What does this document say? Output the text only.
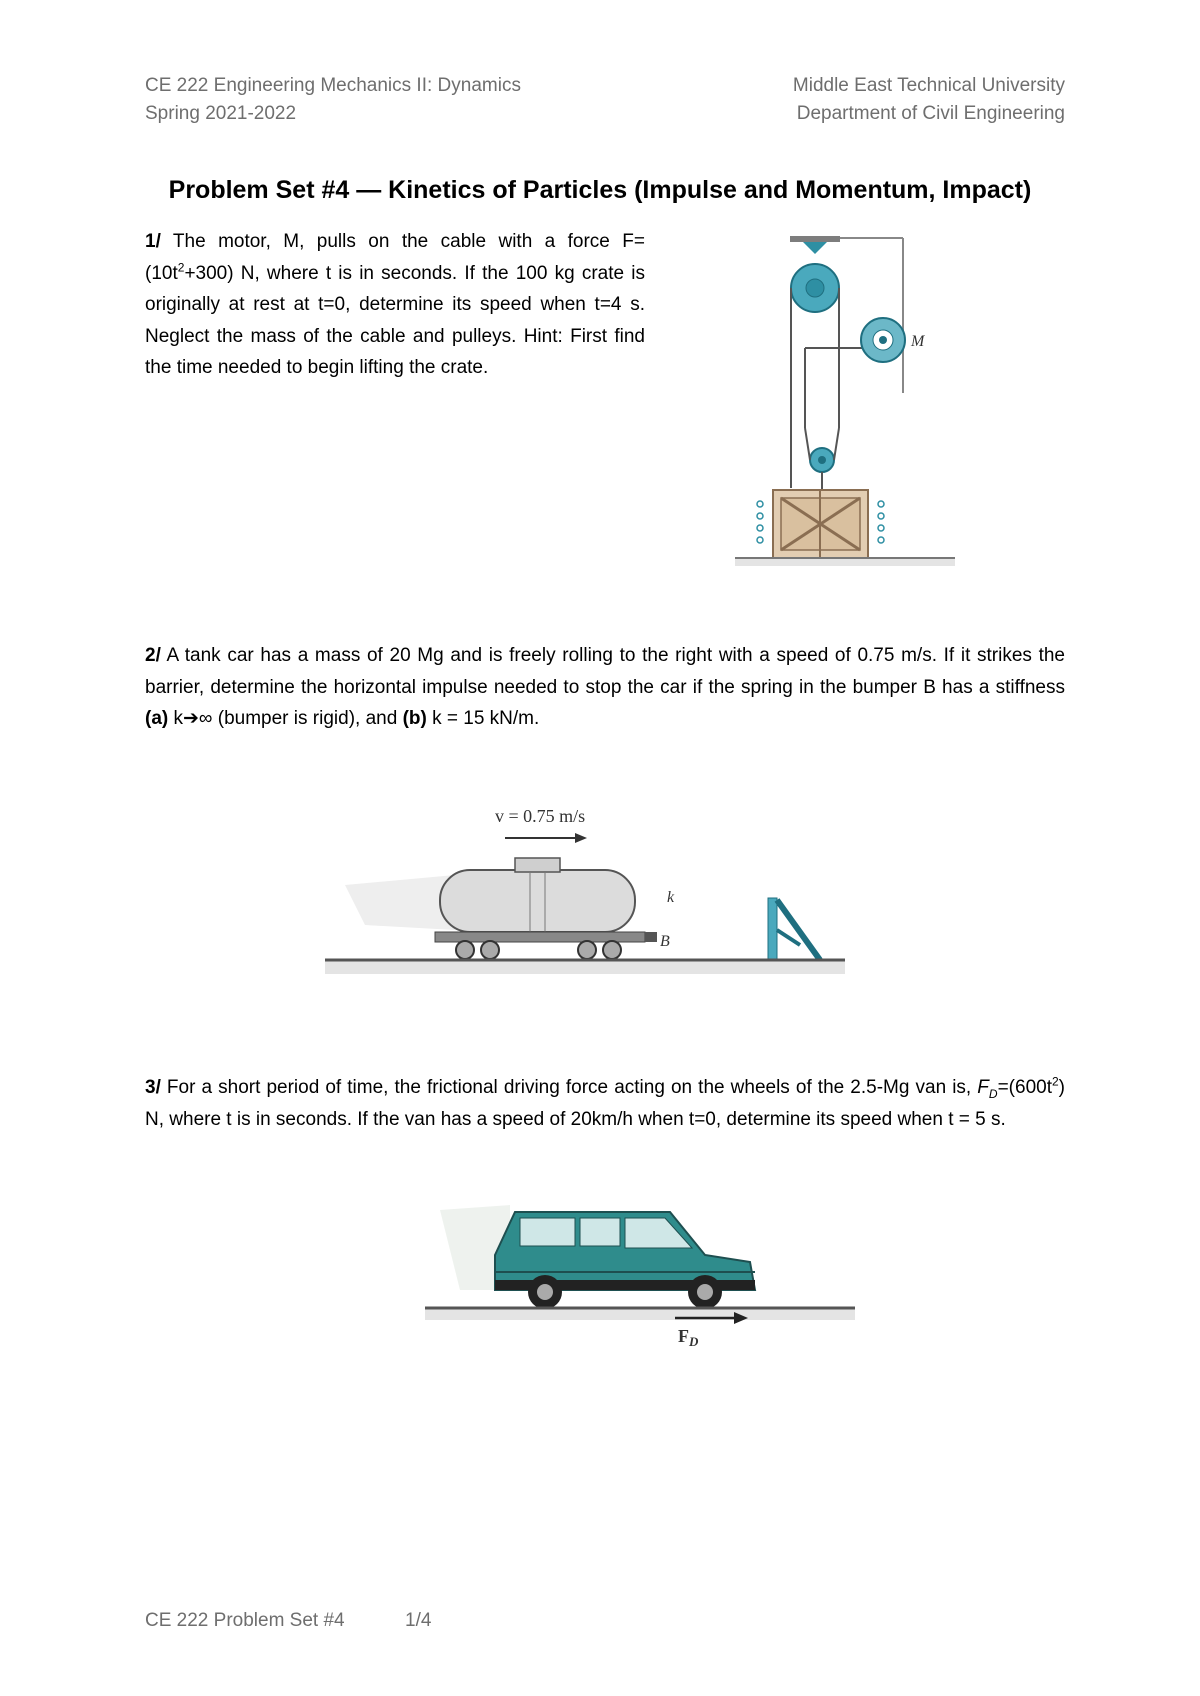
CE 222 Engineering Mechanics II: Dynamics
Spring 2021-2022
Middle East Technical University
Department of Civil Engineering
Problem Set #4 — Kinetics of Particles (Impulse and Momentum, Impact)
1/ The motor, M, pulls on the cable with a force $F=(10t^2+300)$ N, where t is in seconds. If the 100 kg crate is originally at rest at t=0, determine its speed when t=4 s. Neglect the mass of the cable and pulleys. Hint: First find the time needed to begin lifting the crate.
M
2/ A tank car has a mass of 20 Mg and is freely rolling to the right with a speed of 0.75 m/s. If it strikes the barrier, determine the horizontal impulse needed to stop the car if the spring in the bumper B has a stiffness (a) k➔∞ (bumper is rigid), and (b) k = 15 kN/m.
v = 0.75 m/s
k
B
3/ For a short period of time, the frictional driving force acting on the wheels of the 2.5-Mg van is, $F_D=(600t^2)$ N, where t is in seconds. If the van has a speed of 20km/h when t=0, determine its speed when t = 5 s.
$F_D$
CE 222 Problem Set #4	1/4
